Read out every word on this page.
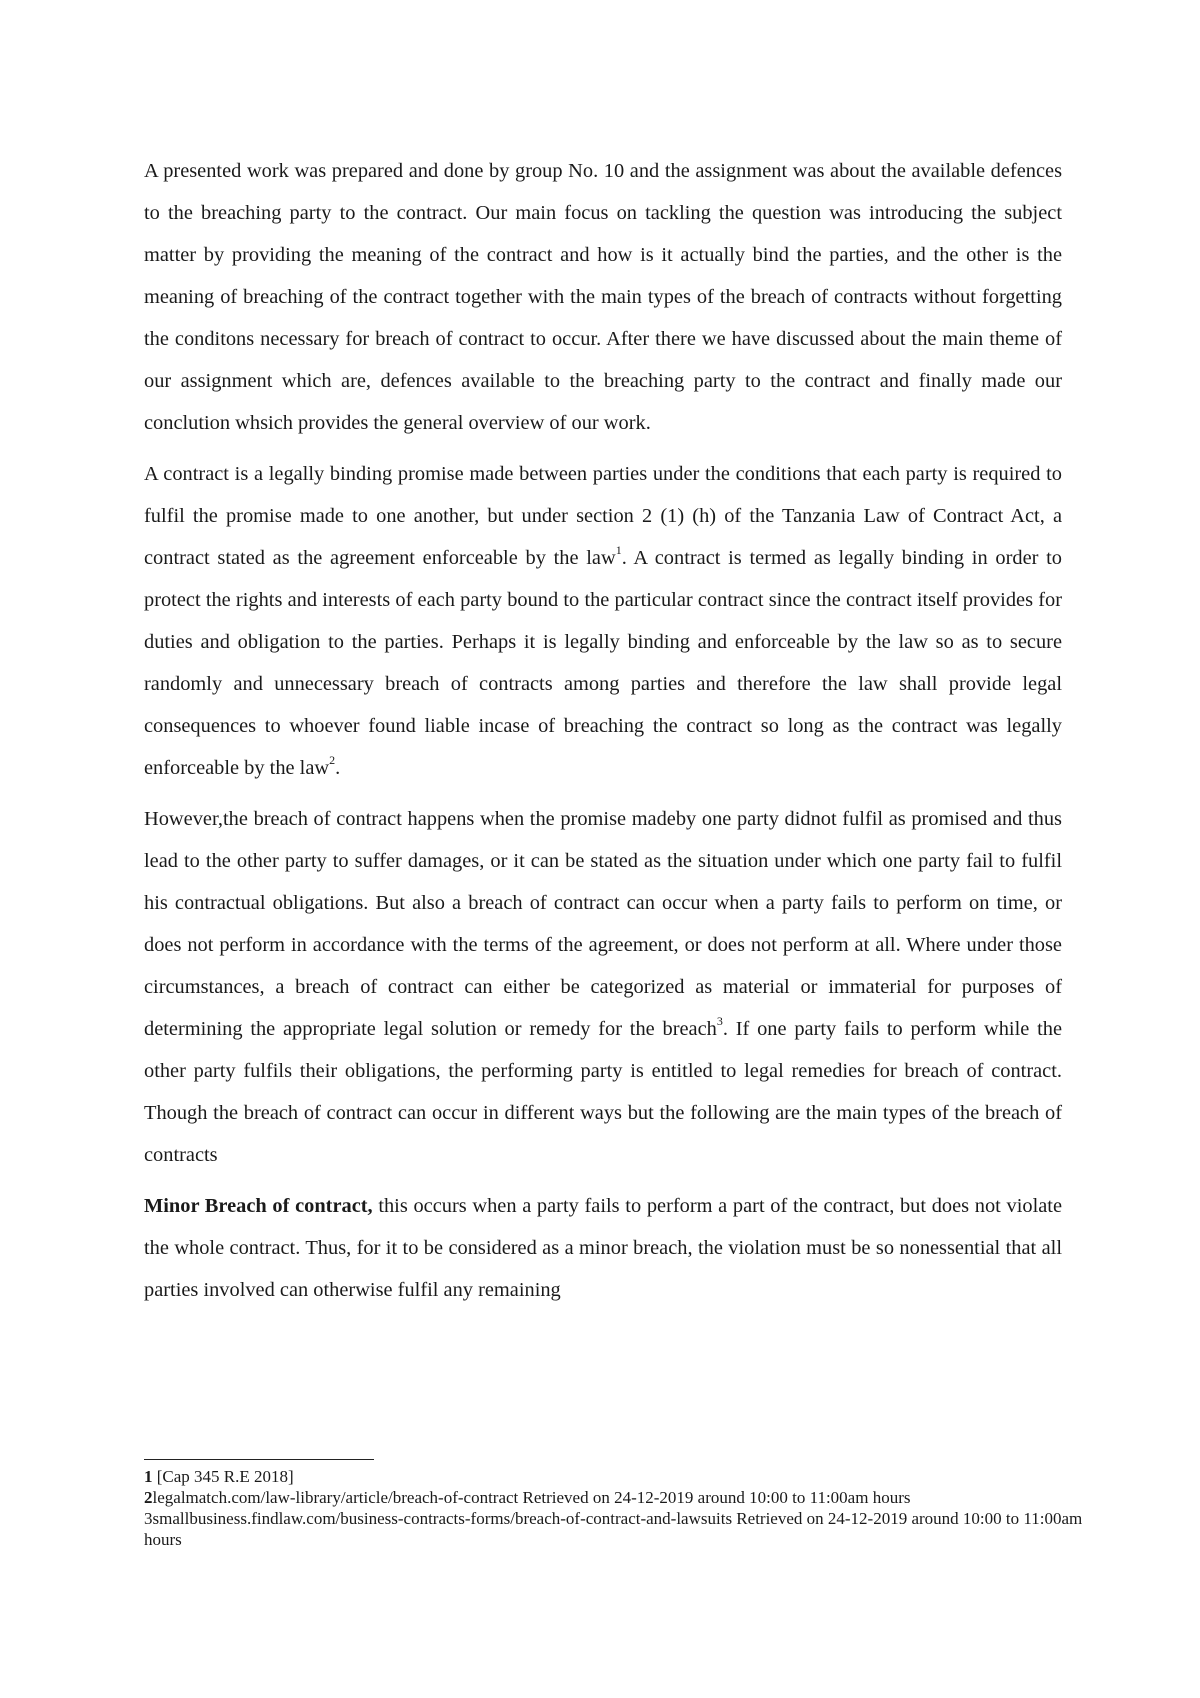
A presented work was prepared and done by group No. 10 and the assignment was about the available defences to the breaching party to the contract. Our main focus on tackling the question was introducing the subject matter by providing the meaning of the contract and how is it actually bind the parties, and the other is the meaning of breaching of the contract together with the main types of the breach of contracts without forgetting the conditons necessary for breach of contract to occur. After there we have discussed about the main theme of our assignment which are, defences available to the breaching party to the contract and finally made our conclution whsich provides the general overview of our work.

A contract is a legally binding promise made between parties under the conditions that each party is required to fulfil the promise made to one another, but under section 2 (1) (h) of the Tanzania Law of Contract Act, a contract stated as the agreement enforceable by the law$^1$. A contract is termed as legally binding in order to protect the rights and interests of each party bound to the particular contract since the contract itself provides for duties and obligation to the parties. Perhaps it is legally binding and enforceable by the law so as to secure randomly and unnecessary breach of contracts among parties and therefore the law shall provide legal consequences to whoever found liable incase of breaching the contract so long as the contract was legally enforceable by the law$^2$.

However,the breach of contract happens when the promise madeby one party didnot fulfil as promised and thus lead to the other party to suffer damages, or it can be stated as the situation under which one party fail to fulfil his contractual obligations. But also a breach of contract can occur when a party fails to perform on time, or does not perform in accordance with the terms of the agreement, or does not perform at all. Where under those circumstances, a breach of contract can either be categorized as material or immaterial for purposes of determining the appropriate legal solution or remedy for the breach$^3$. If one party fails to perform while the other party fulfils their obligations, the performing party is entitled to legal remedies for breach of contract. Though the breach of contract can occur in different ways but the following are the main types of the breach of contracts

Minor Breach of contract, this occurs when a party fails to perform a part of the contract, but does not violate the whole contract. Thus, for it to be considered as a minor breach, the violation must be so nonessential that all parties involved can otherwise fulfil any remaining

1 [Cap 345 R.E 2018]

2legalmatch.com/law-library/article/breach-of-contract Retrieved on 24-12-2019 around 10:00 to 11:00am hours

3smallbusiness.findlaw.com/business-contracts-forms/breach-of-contract-and-lawsuits Retrieved on 24-12-2019 around 10:00 to 11:00am hours
